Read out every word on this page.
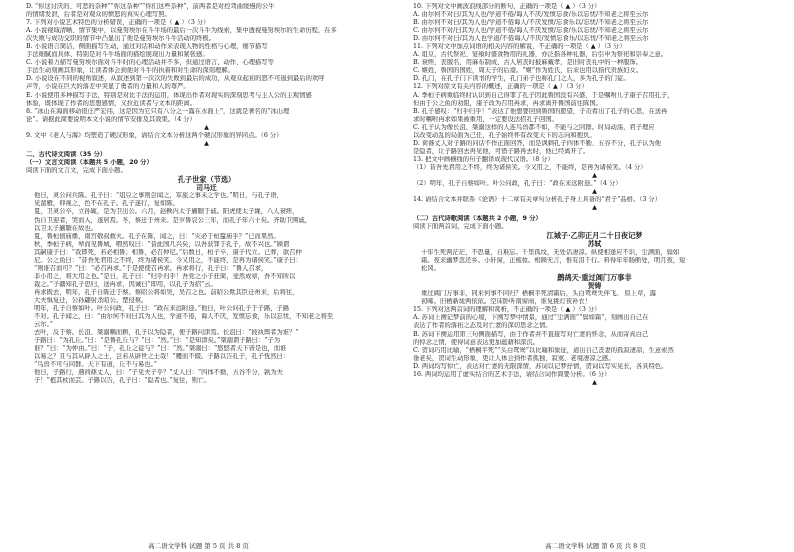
D. “你这讨厌的、可恶的杂种”“你这杂种”“你们这些杂种”，前两者是对控驾曲缓慢的公牛
的情绪发泄，后者是对观众的愤怒的真实心理写照。
7. 下列对小说艺术特色的分析错误，正确的一项是（ ▲ ）（3 分）
A. 小说视域清晰、情节集中，以曼努埃尔在斗牛场的最后一次斗牛为线索，集中透视曼努埃尔的生命历程，在多
次失败与成功交织的情节中凸显出了他是曼努埃尔斗牛活动的终极。
B. 小说语言简洁，侧面描写生动，通过对话和动作来表现人物的性格与心理，细节描写
手法细腻而具体，特别是对斗牛场面的描绘展现出力量和紧张感。
C. 小说着力描写曼努埃尔面对斗牛时的心理活动并不多，但通过语言、动作、心理描写等
手法生动刻画其形象，让读者体会到他对斗牛的执着和对生命的深刻理解。
D. 小说设在不同的视角叙述，从叙述到第一次次的失败到最后的成功，从观众起初的怒不可遏到最后的欢呼
声等，小说在巨大的落差中突显了勇者的力量和人的尊严。
E. 小说使用多种描写手法，特别是对比手法的运用，体现出作者对现实的深刻思考与主人公的主观情感
体验，既体现了作者的思想感情，又拉近读者与文本的距离。
8. “冰山在海面移动很庄严宏伟，这是因为它只有八分之一露在水面上”，这就是著名的“冰山理
论”。请据此简要说明本文小说的情节安排及其效果。（4 分）
▲
9. 文中《老人与海》均塑造了硬汉形象，请结合文本分析这两个硬汉形象的异同点。（6 分）
▲
二、古代诗文阅读（35 分）
（一）文言文阅读（本题共 5 小题，20 分）
阅读下面的文言文，完成下面小题。
孔子世家（节选）
司马迁
他日，灵公问兵陈。孔子曰：“俎豆之事则尝闻之，军旅之事未之学也。”明日，与孔子语，
见蜚雁，仰视之，色不在孔子。孔子遂行，复如陈。
夏，卫灵公卒，立孙辄，是为卫出公。六月，赵鞅内太子蒯聩于戚。阳虎使太子絻，八人衰绖，
伪自卫迎者，哭而入，遂居焉。冬，蔡迁于州来。是岁鲁哀公三年，而孔子年六十矣。齐助卫围戚，
以卫太子蒯聩在故也。
夏，鲁桓僖庙燔，南宫敬叔救火。孔子在陈，闻之，曰：“灾必于桓釐庙乎？”已而果然。
秋，季桓子病，辇而见鲁城，喟然叹曰：“昔此国几兴矣，以吾获罪于孔子，故不兴也。”顾谓
其嗣康子曰：“我即死，若必相鲁；相鲁，必召仲尼。”后数日，桓子卒，康子代立。已葬，欲召仲
尼。公之鱼曰：“昔吾先君用之不终，终为诸侯笑。今又用之，不能终，是再为诸侯笑。”康子曰：
“则谁召而可？”曰：“必召冉求。”于是使使召冉求。冉求将行，孔子曰：“鲁人召求，
非小用之，将大用之也。”是日，孔子曰：“归乎归乎！吾党之小子狂简，斐然成章，吾不知所以
裁之。”子赣知孔子思归，送冉求，因诫曰“即用，以孔子为招”云。
冉求既去，明年，孔子自陈迁于蔡。蔡昭公将如吴，吴召之也。前昭公欺其臣迁州来，后将往，
大夫惧复迁，公孙翩射杀昭公。楚侵蔡。
明年，孔子自蔡如叶。叶公问政，孔子曰：“政在来远附迩。”他日，叶公问孔子于子路，子路
不对。孔子闻之，曰：“由尔何不对曰其为人也，学道不倦，诲人不厌，发愤忘食，乐以忘忧，不知老之将至
云尔。”
去叶，反于蔡。长沮、桀溺耦而耕，孔子以为隐者，使子路问津焉。长沮曰：“彼执舆者为谁？”
子路曰：“为孔丘。”曰：“是鲁孔丘与？”曰：“然。”曰：“是知津矣。”桀溺谓子路曰：“子为
谁？”曰：“为仲由。”曰：“子，孔丘之徒与？”曰：“然。”桀溺曰：“悠悠者天下皆是也，而谁
以易之？且与其从辟人之士，岂若从辟世之士哉！”耰而不辍。子路以告孔子，孔子怃然曰：
“鸟兽不可与同群。天下有道，丘不与易也。”
他日，子路行，遇荷蓧丈人，曰：“子见夫子乎？”丈人曰：“四体不勤，五谷不分，孰为夫
子！”植其杖而芸。子路以告，孔子曰：“隐者也。”复往，则亡。
高二语文学科 试题 第 5 页 共 8 页
10. 下列对文中画波浪线部分的断句，正确的一项是（ ▲ ）（3 分）
A. 由尔何不对曰/其为人也/学道不倦/诲人不厌/发愤忘食/乐以忘忧/不知老之将至云尔
B. 由尔何不对曰/其为人也/学道不倦诲人/不厌发愤/忘食乐以/忘忧/不知老之将至云尔
C. 由尔何不对/曰其为人也/学道不倦/诲人不厌发愤/忘食/乐以忘忧/不知老之将至云尔
D. 由尔何不对曰/其为人也学道/不倦诲人/不厌/发愤忘食乐/以忘忧/不知老之将至云尔
11. 下列对文中加点词语的相关内容的解说，不正确的一项是（ ▲ ）（3 分）
A. 俎豆，古代祭祀、宴飨时盛食物用的礼器，亦泛指各种礼器，后引申为祭祀和崇奉之意。
B. 衰绖，丧服名，用麻布制成，古人居丧时披麻戴孝，是旧时丧礼中的一种服饰。
C. 姬姓，鲁国的国姓，周天子的后裔。“姬”作为姓氏，后来也用以指代贵族妇女。
D. 孔门，在孔子门下读书的学生，孔门弟子也称孔门之人，多为孔子的门徒。
12. 下列对原文有关内容的概述，正确的一项是（ ▲ ）（3 分）
A. 季桓子病重临终时认识到自己得罪了孔子因此鲁国没有兴盛，于是嘱咐儿子康子召用孔子，
但由于公之鱼的劝阻，康子改为召用冉求，冉求离开鲁国前往陈国。
B. 孔子感叹：“归乎归乎！”表达了他想要回到鲁国的愿望，子贡看出了孔子的心思，在送冉
求时嘱咐冉求如果被重用，一定要设法招孔子回国。
C. 孔子认为像长沮、桀溺这样的人连鸟兽都不如，不能与之同群。时局动荡，君子理应
以改变动乱的局面为己任，孔子始终怀有改变天下的志向和抱负。
D. 荷蓧丈人对子路的问话不作正面回答，而是讽刺孔子四体不勤、五谷不分，孔子认为他
是隐者，让子路回去再见他，可惜子路再去时，他已经离开了。
13. 把文中画横线的句子翻译成现代汉语。（8 分）
（1）昔吾先君用之不终，终为诸侯笑。今又用之，不能终，是再为诸侯笑。（4 分）
▲
（2）明年，孔子自蔡如叶。叶公问政，孔子曰：“政在来远附迩。”（4 分）
▲
14. 请结合文本并联系《论语》十二章有关章句分析孔子身上具备的“君子”品格。（3 分）
▲
（二）古代诗歌阅读（本题共 2 小题，9 分）
阅读下面两首词，完成下面小题。
江城子·乙卯正月二十日夜记梦
苏轼
十年生死两茫茫，不思量，自难忘。千里孤坟，无处话凄凉。纵使相逢应不识，尘满面，鬓如
霜。夜来幽梦忽还乡。小轩窗，正梳妆。相顾无言，惟有泪千行。料得年年肠断处，明月夜，短
松冈。
鹧鸪天·重过阊门万事非
贺铸
重过阊门万事非，同来何事不同归？梧桐半死清霜后，头白鸳鸯失伴飞。 原上草，露
初晞。旧栖新垅两依依。空床卧听南窗雨，谁复挑灯夜补衣！
15. 下列对这两首词的理解和赏析，不正确的一项是（ ▲ ）（3 分）
A. 苏词上阕记梦前的心境，下阕写梦中情景，通过“尘满面”“鬓如霜”，刻画出自己在
表达了作者的落拓之态及对亡妻的深切思念之情。
B. 苏词下阕运用第三句侧面描写，由于作者并不直接写对亡妻的怀念，从而寄真白己
的悼念之情，使得词意表达更加蕴藉和深沉。
C. 贺词巧用比喻，“梧桐半死”“头白鸳鸯”以比喻和象征，道出自己丧妻的孤寂凄凉，生意索然
垂老矣，贺词生动形象，更让人体会到作者孤独、寂寞、老境凄凉之感。
D. 两词均写悼亡，表达对亡妻的无限深情，苏词以记梦抒情，贺词以写实见长，各具特色。
16. 两词均运用了虚实结合的艺术手法，请结合词作简要分析。（6 分）
▲
高二语文学科 试题 第 6 页 共 8 页
